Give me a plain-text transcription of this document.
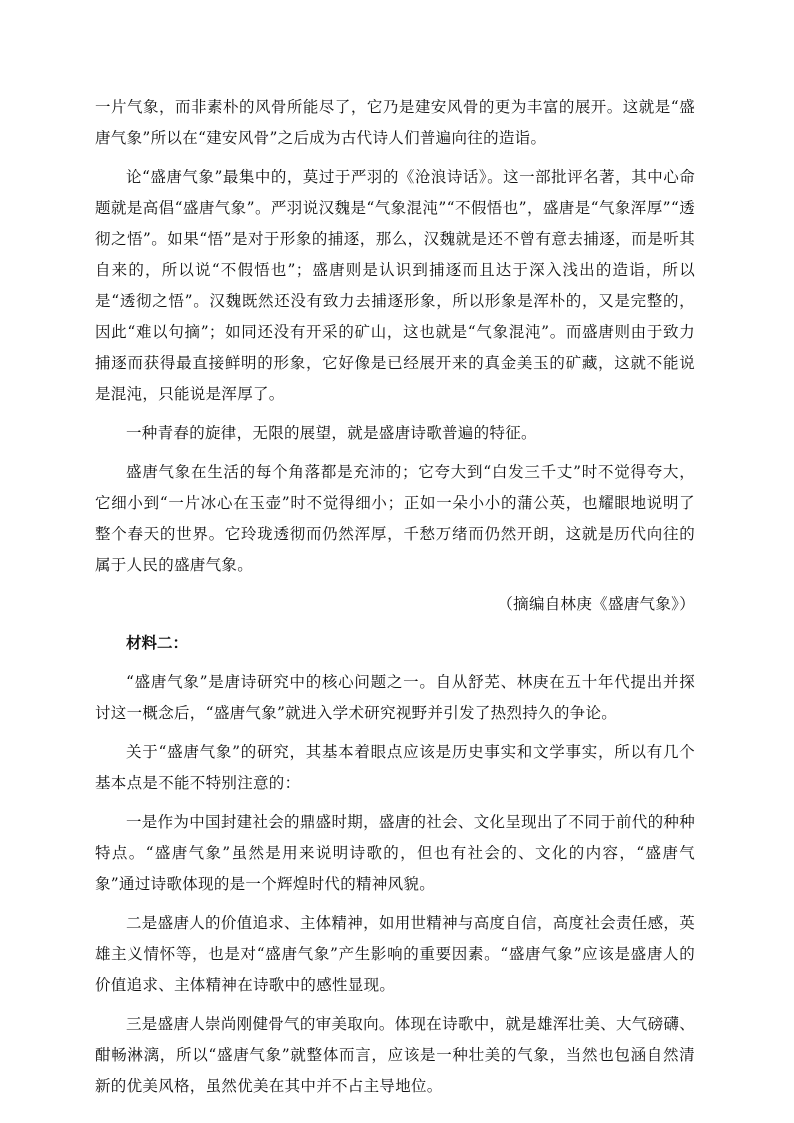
一片气象，而非素朴的风骨所能尽了，它乃是建安风骨的更为丰富的展开。这就是“盛唐气象”所以在“建安风骨”之后成为古代诗人们普遍向往的造诣。

论“盛唐气象”最集中的，莫过于严羽的《沧浪诗话》。这一部批评名著，其中心命题就是高倡“盛唐气象”。严羽说汉魏是“气象混沌”“不假悟也”，盛唐是“气象浑厚”“透彻之悟”。如果“悟”是对于形象的捕逐，那么，汉魏就是还不曾有意去捕逐，而是听其自来的，所以说“不假悟也”；盛唐则是认识到捕逐而且达于深入浅出的造诣，所以是“透彻之悟”。汉魏既然还没有致力去捕逐形象，所以形象是浑朴的，又是完整的，因此“难以句摘”；如同还没有开采的矿山，这也就是“气象混沌”。而盛唐则由于致力捕逐而获得最直接鲜明的形象，它好像是已经展开来的真金美玉的矿藏，这就不能说是混沌，只能说是浑厚了。

一种青春的旋律，无限的展望，就是盛唐诗歌普遍的特征。

盛唐气象在生活的每个角落都是充沛的；它夸大到“白发三千丈”时不觉得夸大，它细小到“一片冰心在玉壶”时不觉得细小；正如一朵小小的蒲公英，也耀眼地说明了整个春天的世界。它玲珑透彻而仍然浑厚，千愁万绪而仍然开朗，这就是历代向往的属于人民的盛唐气象。

（摘编自林庚《盛唐气象》）

材料二：

“盛唐气象”是唐诗研究中的核心问题之一。自从舒芜、林庚在五十年代提出并探讨这一概念后，“盛唐气象”就进入学术研究视野并引发了热烈持久的争论。

关于“盛唐气象”的研究，其基本着眼点应该是历史事实和文学事实，所以有几个基本点是不能不特别注意的：

一是作为中国封建社会的鼎盛时期，盛唐的社会、文化呈现出了不同于前代的种种特点。“盛唐气象”虽然是用来说明诗歌的，但也有社会的、文化的内容，“盛唐气象”通过诗歌体现的是一个辉煌时代的精神风貌。

二是盛唐人的价值追求、主体精神，如用世精神与高度自信，高度社会责任感，英雄主义情怀等，也是对“盛唐气象”产生影响的重要因素。“盛唐气象”应该是盛唐人的价值追求、主体精神在诗歌中的感性显现。

三是盛唐人崇尚刚健骨气的审美取向。体现在诗歌中，就是雄浑壮美、大气磅礴、酣畅淋漓，所以“盛唐气象”就整体而言，应该是一种壮美的气象，当然也包涵自然清新的优美风格，虽然优美在其中并不占主导地位。
